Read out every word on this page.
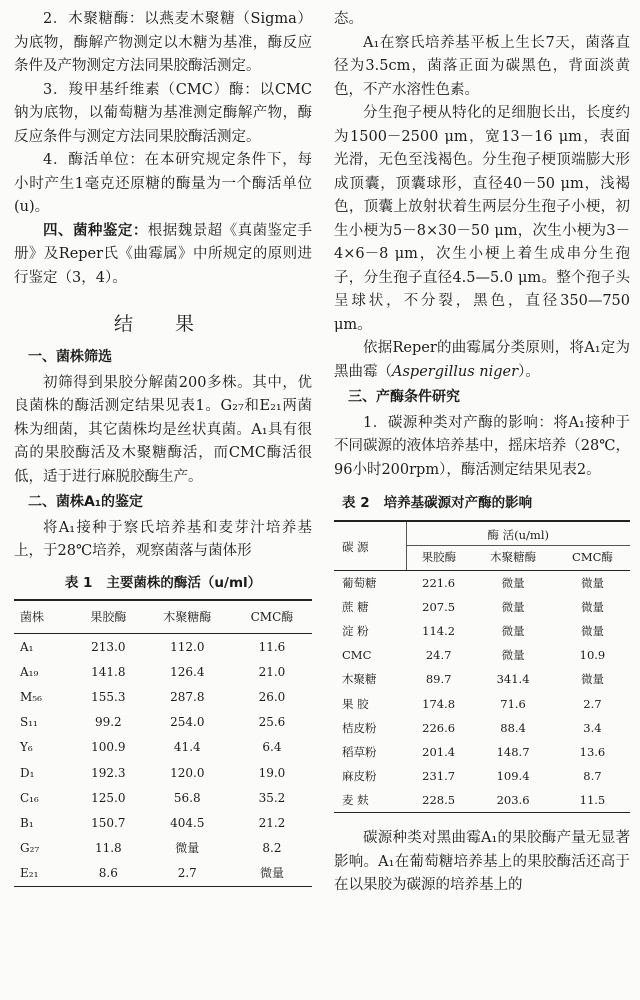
2．木聚糖酶：以燕麦木聚糖（Sigma）为底物，酶解产物测定以木糖为基准，酶反应条件及产物测定方法同果胶酶活测定。

3．羧甲基纤维素（CMC）酶：以CMC钠为底物，以葡萄糖为基准测定酶解产物，酶反应条件与测定方法同果胶酶活测定。

4．酶活单位：在本研究规定条件下，每小时产生1毫克还原糖的酶量为一个酶活单位(u)。

四、菌种鉴定：根据魏景超《真菌鉴定手册》及Reper氏《曲霉属》中所规定的原则进行鉴定（3，4）。

结 果
一、菌株筛选

初筛得到果胶分解菌200多株。其中，优良菌株的酶活测定结果见表1。G₂₇和E₂₁两菌株为细菌，其它菌株均是丝状真菌。A₁具有很高的果胶酶活及木聚糖酶活，而CMC酶活很低，适于进行麻脱胶酶生产。

二、菌株A₁的鉴定

将A₁接种于察氏培养基和麦芽汁培养基上，于28℃培养，观察菌落与菌体形

表 1 主要菌株的酶活（u/ml）
菌株	果胶酶	木聚糖酶	CMC酶
A₁	213.0	112.0	11.6
A₁₉	141.8	126.4	21.0
M₅₆	155.3	287.8	26.0
S₁₁	99.2	254.0	25.6
Y₆	100.9	41.4	6.4
D₁	192.3	120.0	19.0
C₁₆	125.0	56.8	35.2
B₁	150.7	404.5	21.2
G₂₇	11.8	微量	8.2
E₂₁	8.6	2.7	微量

态。

A₁在察氏培养基平板上生长7天，菌落直径为3.5cm，菌落正面为碳黑色，背面淡黄色，不产水溶性色素。

分生孢子梗从特化的足细胞长出，长度约为1500－2500 μm，宽13－16 μm，表面光滑，无色至浅褐色。分生孢子梗顶端膨大形成顶囊，顶囊球形，直径40－50 μm，浅褐色，顶囊上放射状着生两层分生孢子小梗，初生小梗为5－8×30－50 μm，次生小梗为3－4×6－8 μm，次生小梗上着生成串分生孢子，分生孢子直径4.5—5.0 μm。整个孢子头呈球状，不分裂，黑色，直径350—750 μm。

依据Reper的曲霉属分类原则，将A₁定为黑曲霉（Aspergillus niger）。

三、产酶条件研究

1．碳源种类对产酶的影响：将A₁接种于不同碳源的液体培养基中，摇床培养（28℃，96小时200rpm），酶活测定结果见表2。

表 2 培养基碳源对产酶的影响
碳 源	酶 活(u/ml)		
	果胶酶	木聚糖酶	CMC酶
葡萄糖	221.6	微量	微量
蔗 糖	207.5	微量	微量
淀 粉	114.2	微量	微量
CMC	24.7	微量	10.9
木聚糖	89.7	341.4	微量
果 胶	174.8	71.6	2.7
桔皮粉	226.6	88.4	3.4
稻草粉	201.4	148.7	13.6
麻皮粉	231.7	109.4	8.7
麦 麸	228.5	203.6	11.5

碳源种类对黑曲霉A₁的果胶酶产量无显著影响。A₁在葡萄糖培养基上的果胶酶活还高于在以果胶为碳源的培养基上的
